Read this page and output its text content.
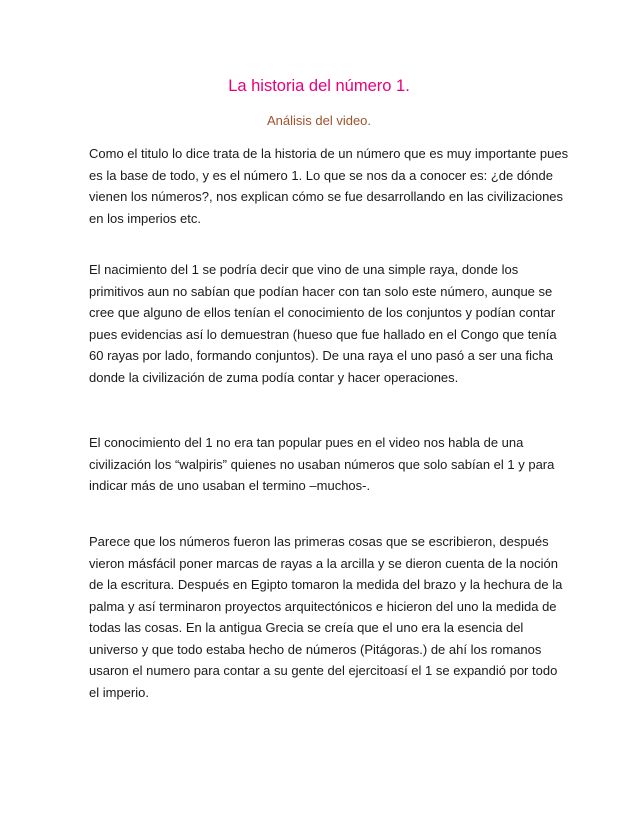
La historia del número 1.
Análisis del video.

Como el titulo lo dice trata de la historia de un número que es muy importante pues es la base de todo, y es el número 1. Lo que se nos da a conocer es: ¿de dónde vienen los números?, nos explican cómo se fue desarrollando en las civilizaciones en los imperios etc.

El nacimiento del 1 se podría decir que vino de una simple raya, donde los primitivos aun no sabían que podían hacer con tan solo este número, aunque se cree que alguno de ellos tenían el conocimiento de los conjuntos y podían contar pues evidencias así lo demuestran (hueso que fue hallado en el Congo que tenía 60 rayas por lado, formando conjuntos). De una raya el uno pasó a ser una ficha donde la civilización de zuma podía contar y hacer operaciones.

El conocimiento del 1 no era tan popular pues en el video nos habla de una civilización los “walpiris” quienes no usaban números que solo sabían el 1 y para indicar más de uno usaban el termino –muchos-.

Parece que los números fueron las primeras cosas que se escribieron, después vieron másfácil poner marcas de rayas a la arcilla y se dieron cuenta de la noción de la escritura. Después en Egipto tomaron la medida del brazo y la hechura de la palma y así terminaron proyectos arquitectónicos e hicieron del uno la medida de todas las cosas. En la antigua Grecia se creía que el uno era la esencia del universo y que todo estaba hecho de números (Pitágoras.) de ahí los romanos usaron el numero para contar a su gente del ejercitoasí el 1 se expandió por todo el imperio.
